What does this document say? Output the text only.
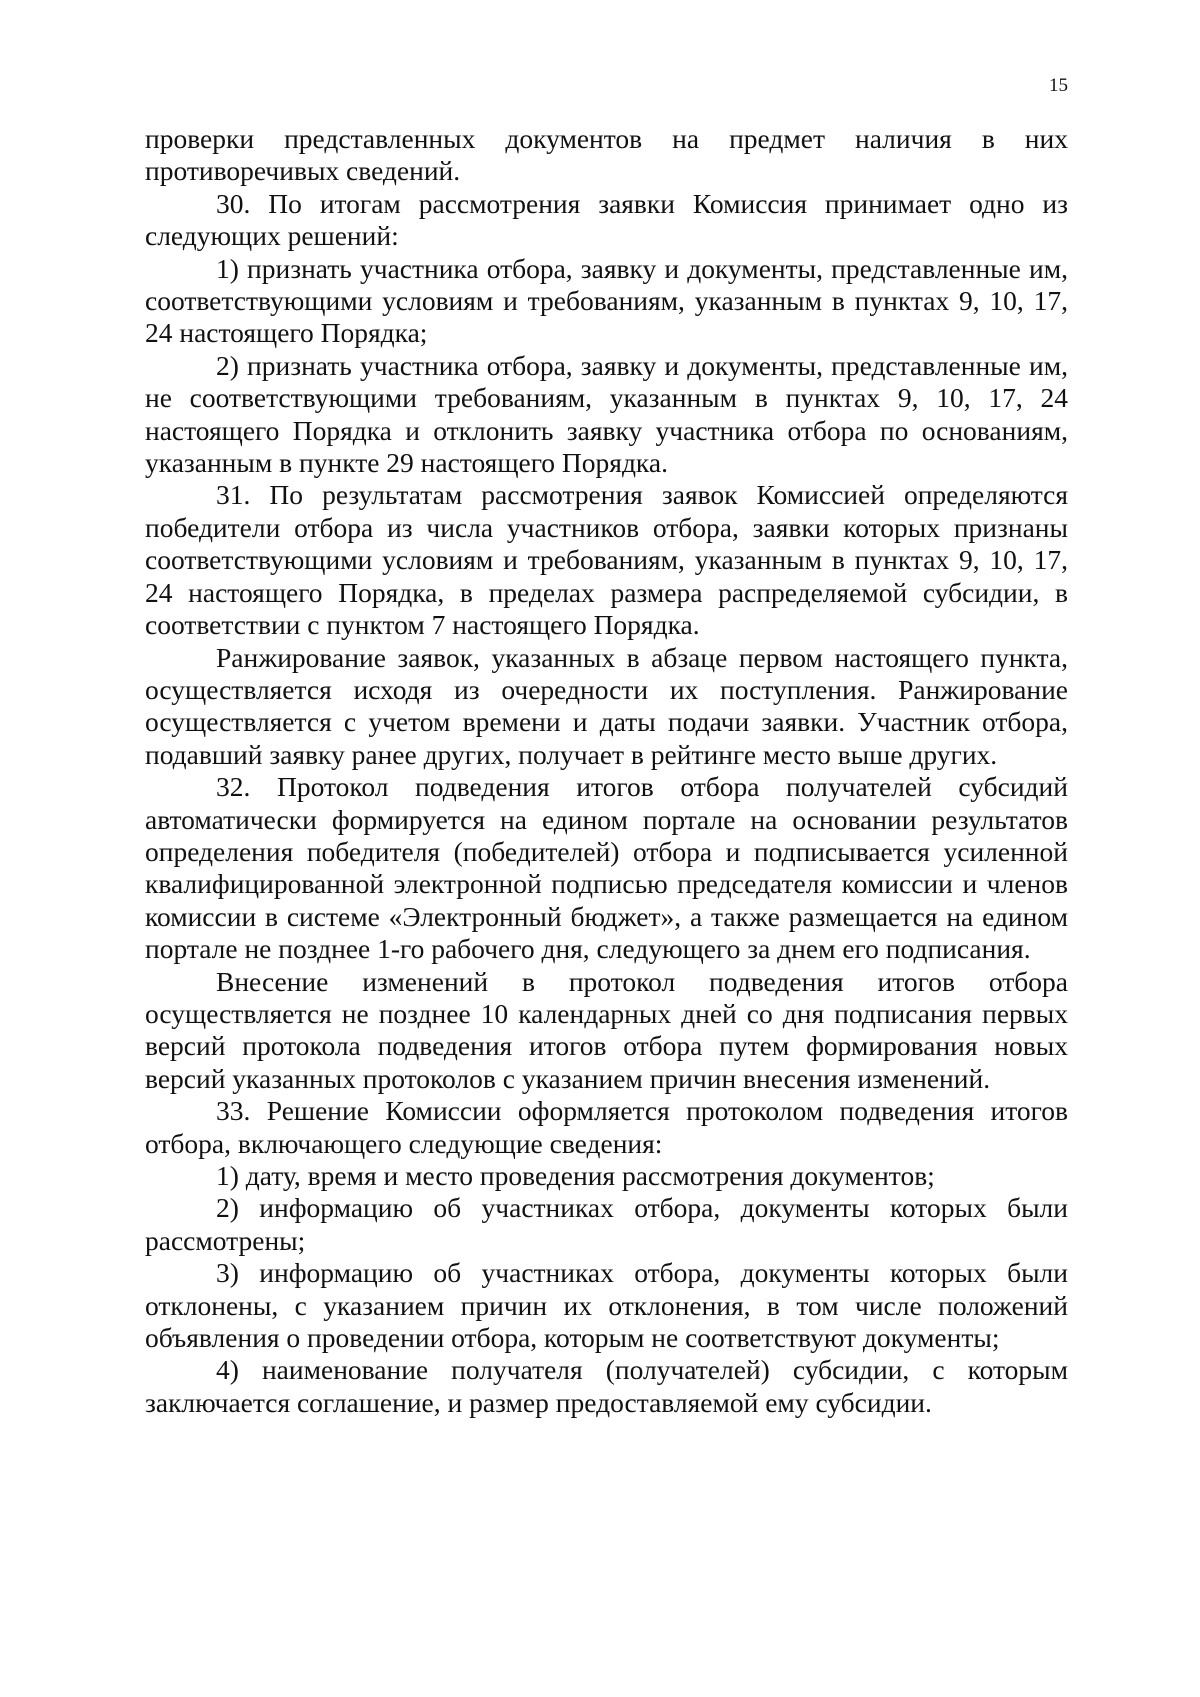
15

проверки представленных документов на предмет наличия в них противоречивых сведений.

30. По итогам рассмотрения заявки Комиссия принимает одно из следующих решений:

1) признать участника отбора, заявку и документы, представленные им, соответствующими условиям и требованиям, указанным в пунктах 9, 10, 17, 24 настоящего Порядка;

2) признать участника отбора, заявку и документы, представленные им, не соответствующими требованиям, указанным в пунктах 9, 10, 17, 24 настоящего Порядка и отклонить заявку участника отбора по основаниям, указанным в пункте 29 настоящего Порядка.

31. По результатам рассмотрения заявок Комиссией определяются победители отбора из числа участников отбора, заявки которых признаны соответствующими условиям и требованиям, указанным в пунктах 9, 10, 17, 24 настоящего Порядка, в пределах размера распределяемой субсидии, в соответствии с пунктом 7 настоящего Порядка.

Ранжирование заявок, указанных в абзаце первом настоящего пункта, осуществляется исходя из очередности их поступления. Ранжирование осуществляется с учетом времени и даты подачи заявки. Участник отбора, подавший заявку ранее других, получает в рейтинге место выше других.

32. Протокол подведения итогов отбора получателей субсидий автоматически формируется на едином портале на основании результатов определения победителя (победителей) отбора и подписывается усиленной квалифицированной электронной подписью председателя комиссии и членов комиссии в системе «Электронный бюджет», а также размещается на едином портале не позднее 1-го рабочего дня, следующего за днем его подписания.

Внесение изменений в протокол подведения итогов отбора осуществляется не позднее 10 календарных дней со дня подписания первых версий протокола подведения итогов отбора путем формирования новых версий указанных протоколов с указанием причин внесения изменений.

33. Решение Комиссии оформляется протоколом подведения итогов отбора, включающего следующие сведения:

1) дату, время и место проведения рассмотрения документов;

2) информацию об участниках отбора, документы которых были рассмотрены;

3) информацию об участниках отбора, документы которых были отклонены, с указанием причин их отклонения, в том числе положений объявления о проведении отбора, которым не соответствуют документы;

4) наименование получателя (получателей) субсидии, с которым заключается соглашение, и размер предоставляемой ему субсидии.
